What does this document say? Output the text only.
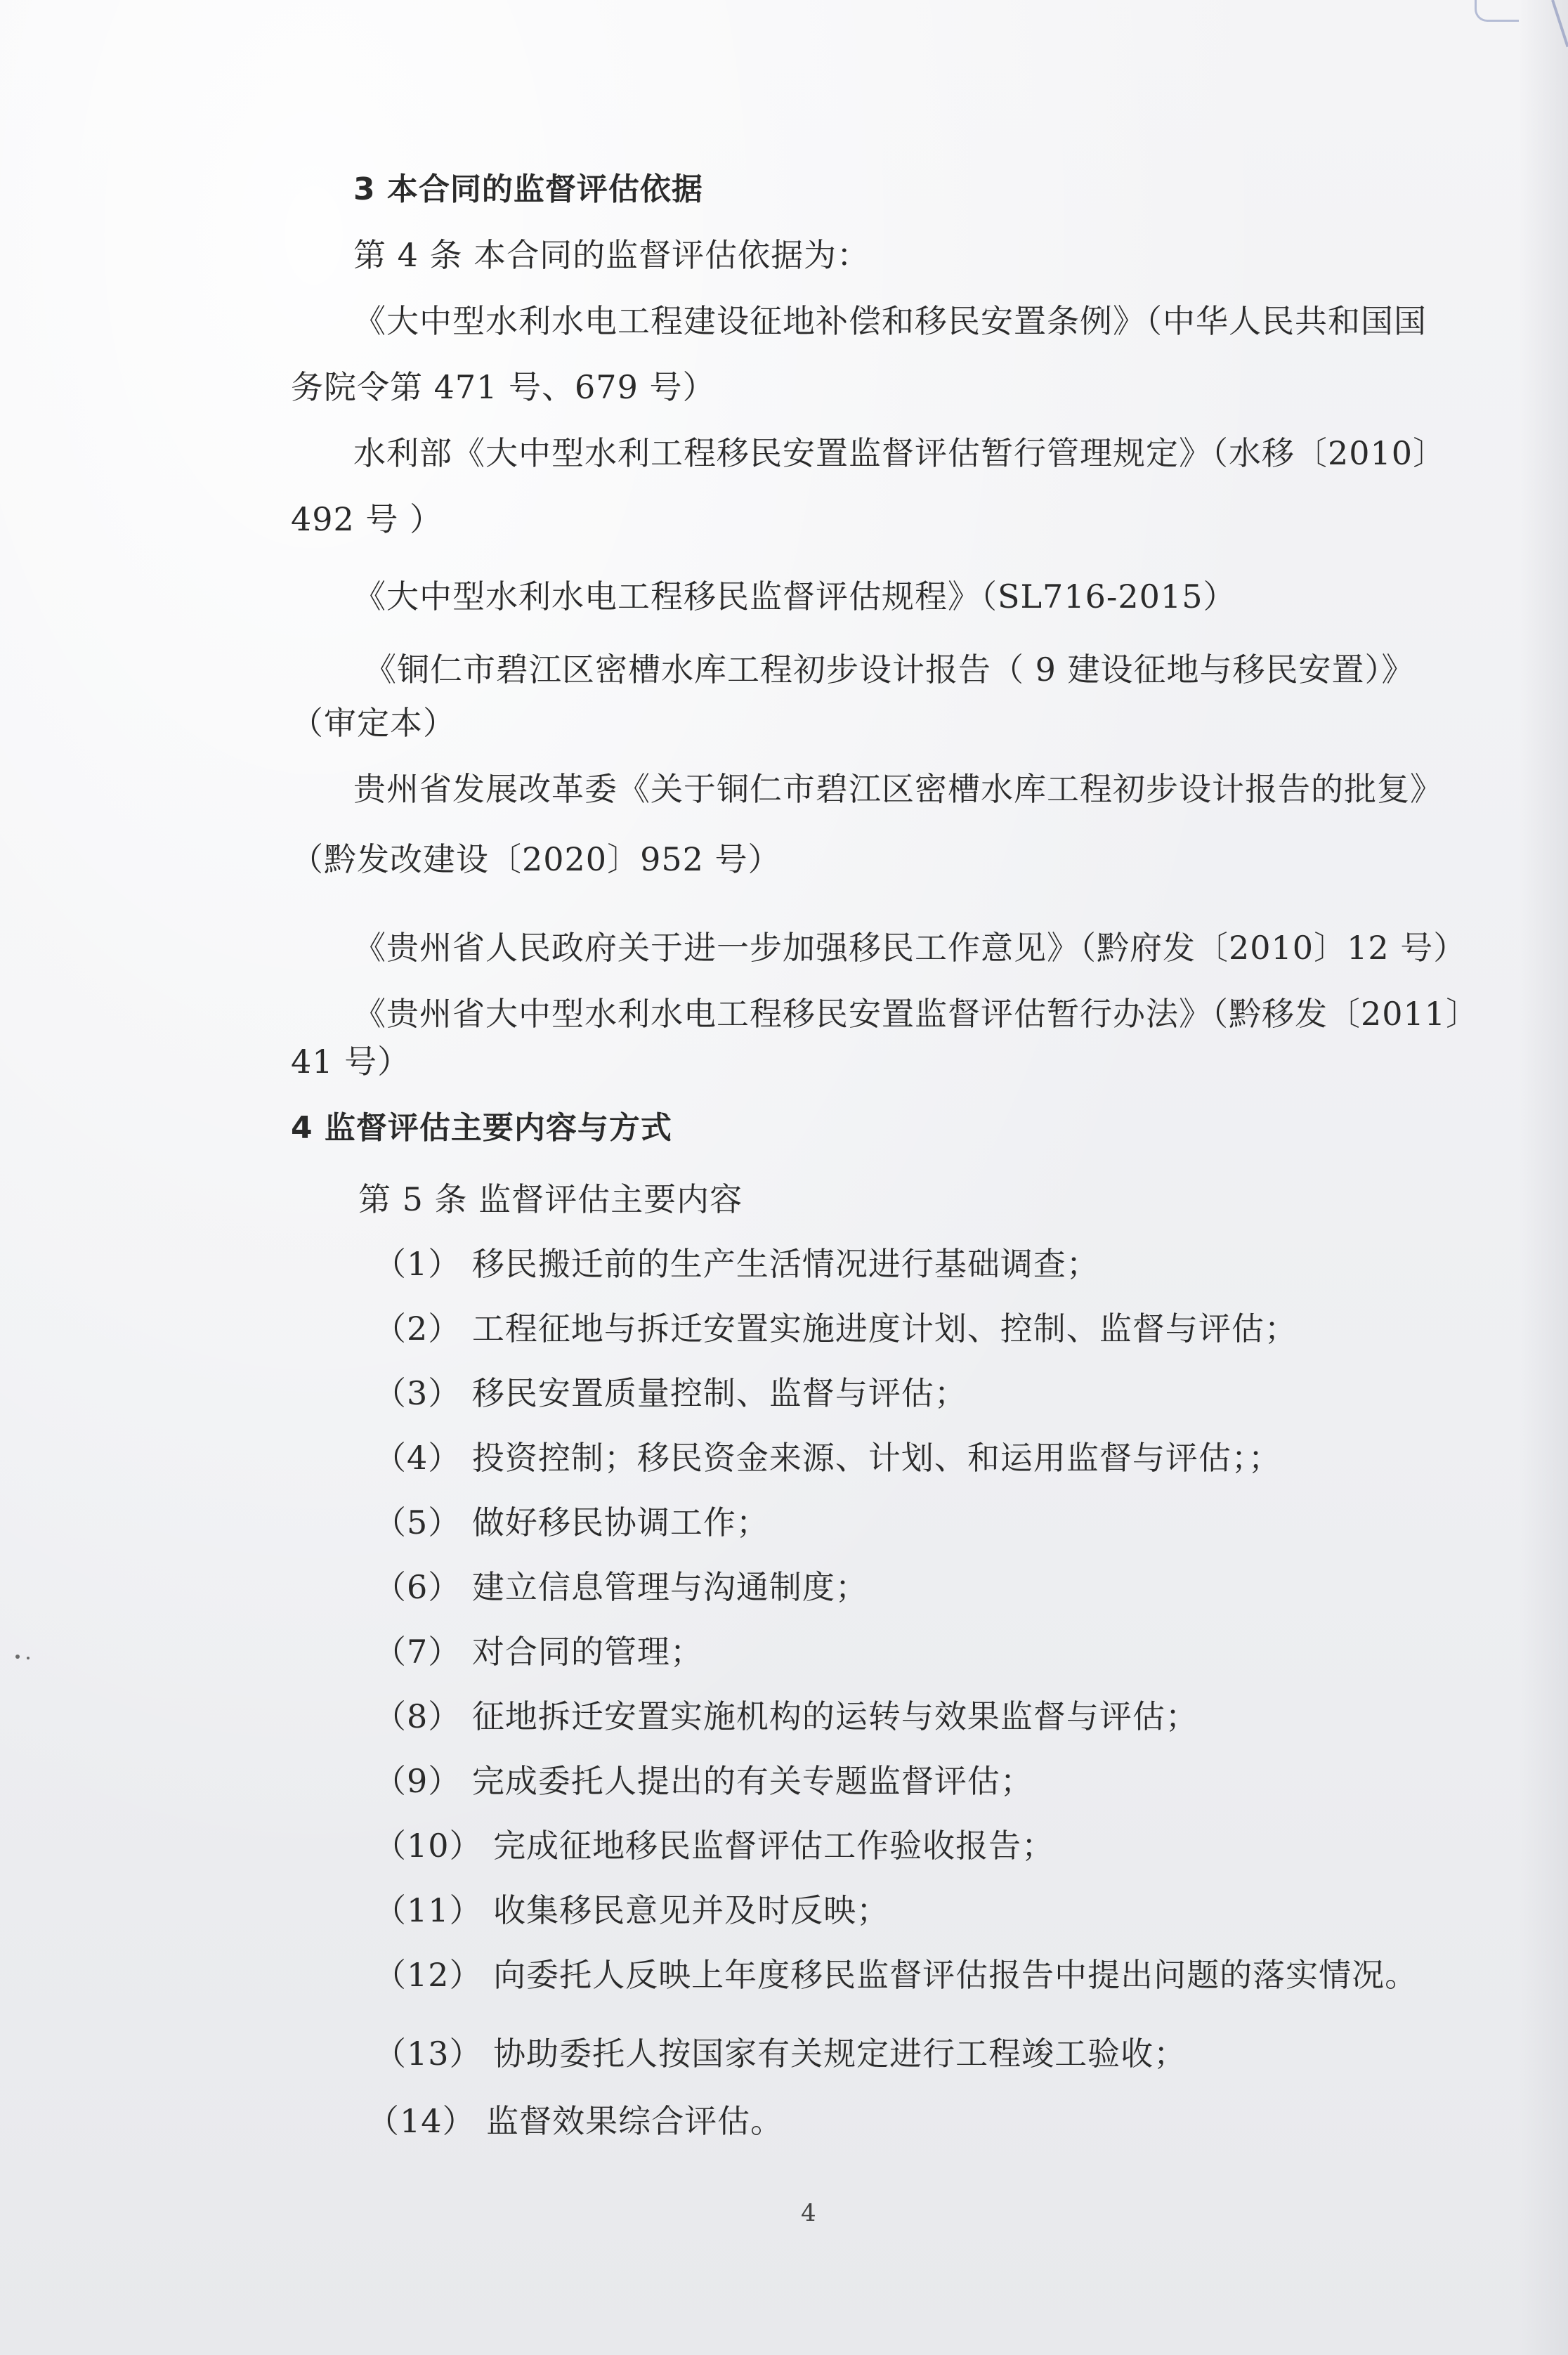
3 本合同的监督评估依据
第 4 条 本合同的监督评估依据为：
《大中型水利水电工程建设征地补偿和移民安置条例》（中华人民共和国国
务院令第 471 号、679 号）
水利部《大中型水利工程移民安置监督评估暂行管理规定》（水移〔2010〕
492 号 ）
《大中型水利水电工程移民监督评估规程》（SL716-2015）
《铜仁市碧江区密槽水库工程初步设计报告（ 9 建设征地与移民安置）》
（审定本）
贵州省发展改革委《关于铜仁市碧江区密槽水库工程初步设计报告的批复》
（黔发改建设〔2020〕952 号）
《贵州省人民政府关于进一步加强移民工作意见》（黔府发〔2010〕12 号）
《贵州省大中型水利水电工程移民安置监督评估暂行办法》（黔移发〔2011〕
41 号）
4 监督评估主要内容与方式
第 5 条 监督评估主要内容
（1） 移民搬迁前的生产生活情况进行基础调查；
（2） 工程征地与拆迁安置实施进度计划、控制、监督与评估；
（3） 移民安置质量控制、监督与评估；
（4） 投资控制；移民资金来源、计划、和运用监督与评估；；
（5） 做好移民协调工作；
（6） 建立信息管理与沟通制度；
（7） 对合同的管理；
（8） 征地拆迁安置实施机构的运转与效果监督与评估；
（9） 完成委托人提出的有关专题监督评估；
（10） 完成征地移民监督评估工作验收报告；
（11） 收集移民意见并及时反映；
（12） 向委托人反映上年度移民监督评估报告中提出问题的落实情况。
（13） 协助委托人按国家有关规定进行工程竣工验收；
（14） 监督效果综合评估。
4
